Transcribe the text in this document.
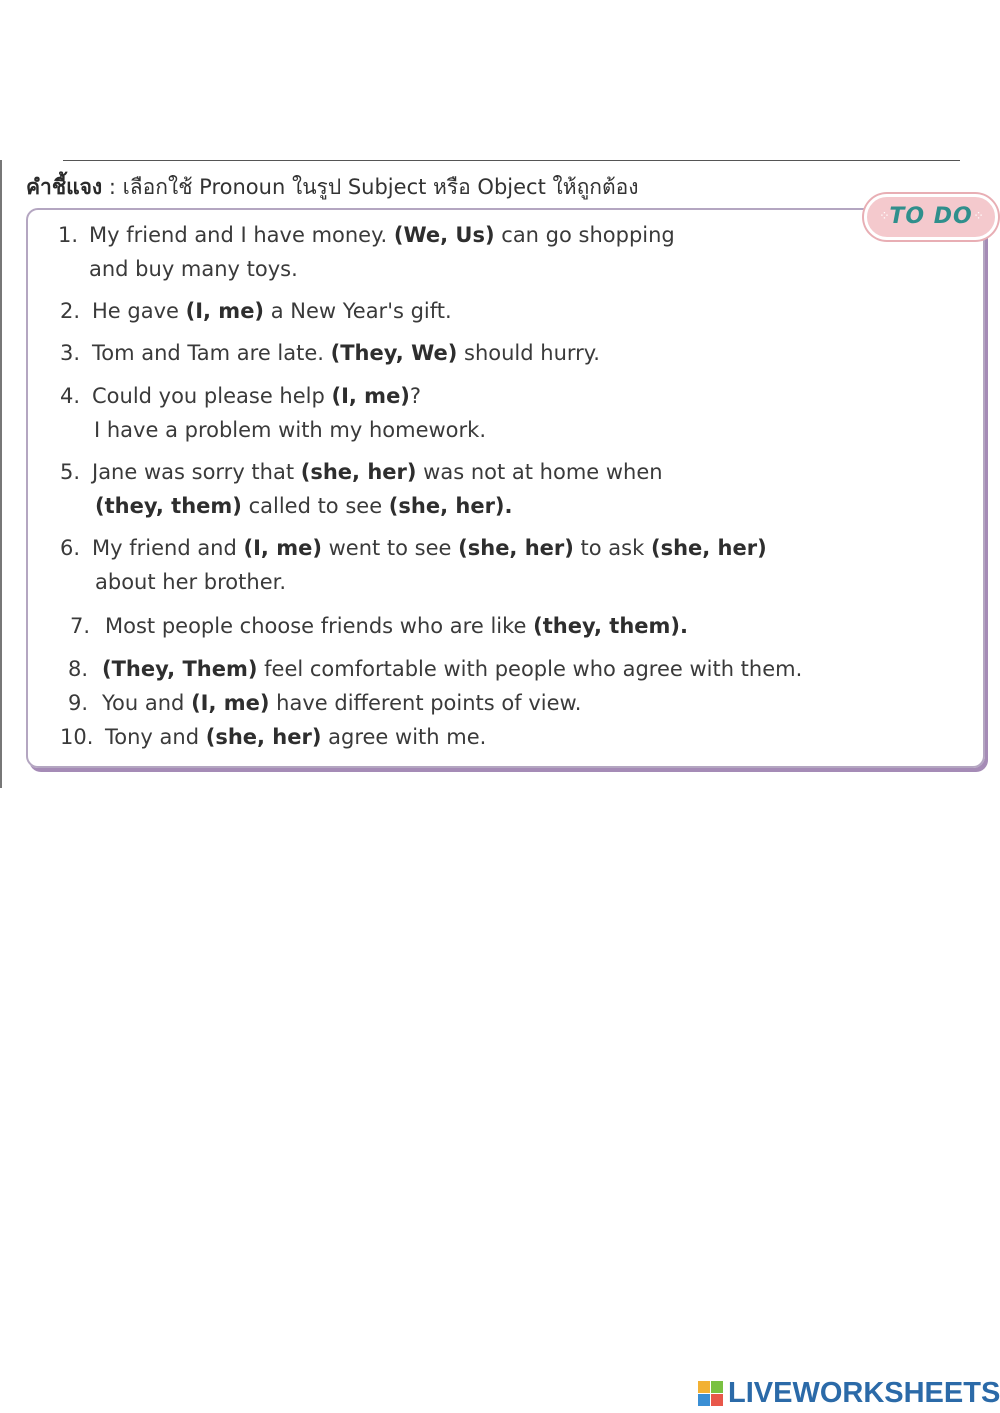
คำชี้แจง : เลือกใช้ Pronoun ในรูป Subject หรือ Object ให้ถูกต้อง
⁘
TO DO ⁘
1. My friend and I have money. (We, Us) can go shopping
and buy many toys.
2. He gave (I, me) a New Year's gift.
3. Tom and Tam are late. (They, We) should hurry.
4. Could you please help (I, me)?
I have a problem with my homework.
5. Jane was sorry that (she, her) was not at home when
(they, them) called to see (she, her).
6. My friend and (I, me) went to see (she, her) to ask (she, her)
about her brother.
7. Most people choose friends who are like (they, them).
8. (They, Them) feel comfortable with people who agree with them.
9. You and (I, me) have different points of view.
10. Tony and (she, her) agree with me.
LIVEWORKSHEETS
